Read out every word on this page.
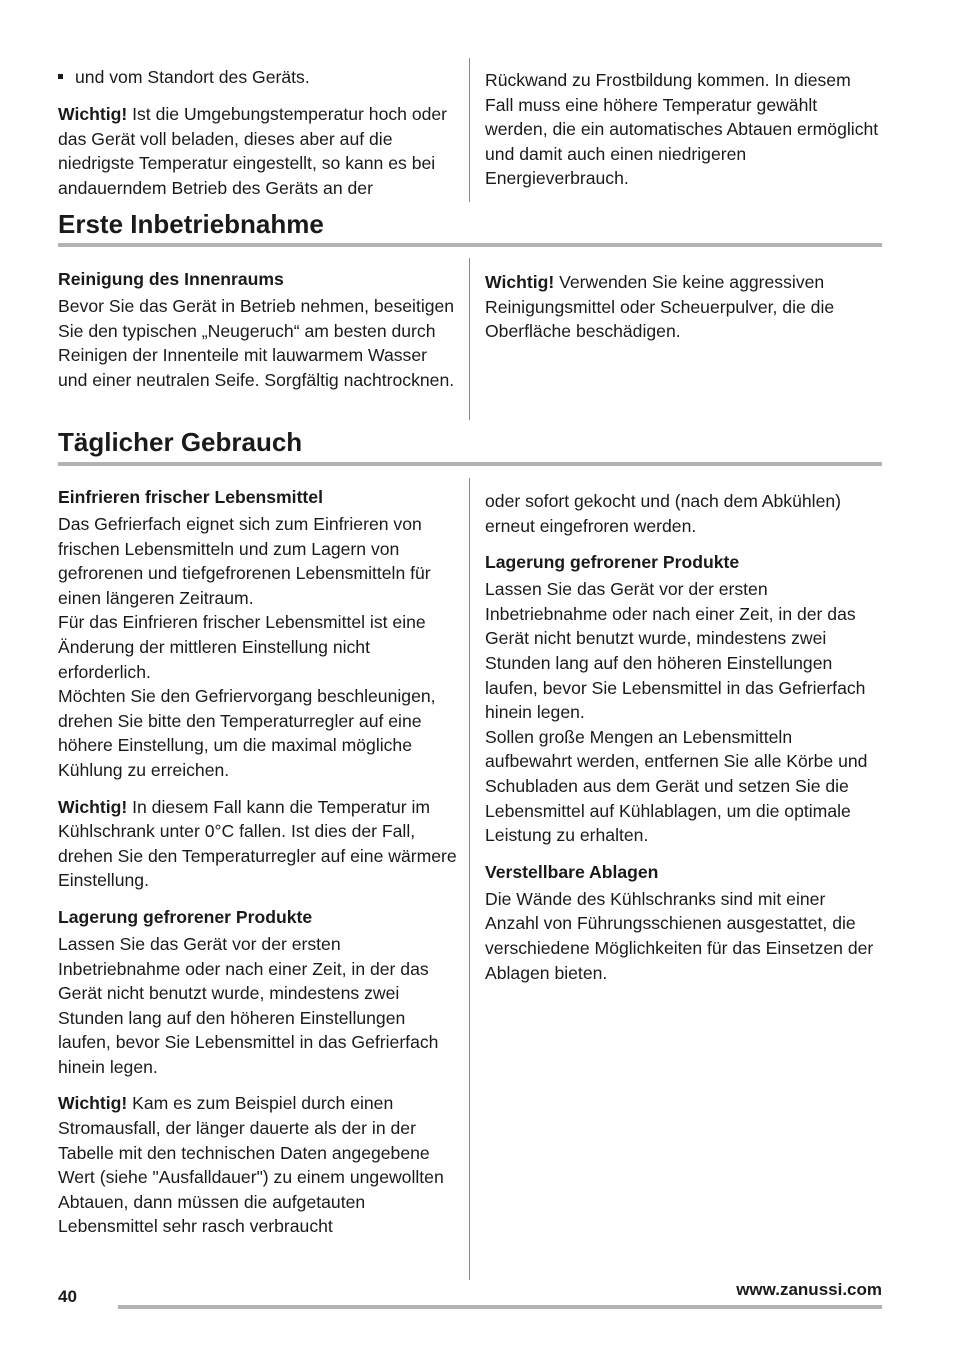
und vom Standort des Geräts.

Wichtig! Ist die Umgebungstemperatur hoch oder das Gerät voll beladen, dieses aber auf die niedrigste Temperatur eingestellt, so kann es bei andauerndem Betrieb des Geräts an der

Rückwand zu Frostbildung kommen. In diesem Fall muss eine höhere Temperatur gewählt werden, die ein automatisches Abtauen ermöglicht und damit auch einen niedrigeren Energieverbrauch.

Erste Inbetriebnahme
Reinigung des Innenraums

Bevor Sie das Gerät in Betrieb nehmen, beseitigen Sie den typischen „Neugeruch“ am besten durch Reinigen der Innenteile mit lauwarmem Wasser und einer neutralen Seife. Sorgfältig nachtrocknen.

Wichtig! Verwenden Sie keine aggressiven Reinigungsmittel oder Scheuerpulver, die die Oberfläche beschädigen.

Täglicher Gebrauch
Einfrieren frischer Lebensmittel

Das Gefrierfach eignet sich zum Einfrieren von frischen Lebensmitteln und zum Lagern von gefrorenen und tiefgefrorenen Lebensmitteln für einen längeren Zeitraum.

Für das Einfrieren frischer Lebensmittel ist eine Änderung der mittleren Einstellung nicht erforderlich.

Möchten Sie den Gefriervorgang beschleunigen, drehen Sie bitte den Temperaturregler auf eine höhere Einstellung, um die maximal mögliche Kühlung zu erreichen.

Wichtig! In diesem Fall kann die Temperatur im Kühlschrank unter 0°C fallen. Ist dies der Fall, drehen Sie den Temperaturregler auf eine wärmere Einstellung.

Lagerung gefrorener Produkte

Lassen Sie das Gerät vor der ersten Inbetriebnahme oder nach einer Zeit, in der das Gerät nicht benutzt wurde, mindestens zwei Stunden lang auf den höheren Einstellungen laufen, bevor Sie Lebensmittel in das Gefrierfach hinein legen.

Wichtig! Kam es zum Beispiel durch einen Stromausfall, der länger dauerte als der in der Tabelle mit den technischen Daten angegebene Wert (siehe "Ausfalldauer") zu einem ungewollten Abtauen, dann müssen die aufgetauten Lebensmittel sehr rasch verbraucht

oder sofort gekocht und (nach dem Abkühlen) erneut eingefroren werden.

Lagerung gefrorener Produkte

Lassen Sie das Gerät vor der ersten Inbetriebnahme oder nach einer Zeit, in der das Gerät nicht benutzt wurde, mindestens zwei Stunden lang auf den höheren Einstellungen laufen, bevor Sie Lebensmittel in das Gefrierfach hinein legen.

Sollen große Mengen an Lebensmitteln aufbewahrt werden, entfernen Sie alle Körbe und Schubladen aus dem Gerät und setzen Sie die Lebensmittel auf Kühlablagen, um die optimale Leistung zu erhalten.

Verstellbare Ablagen

Die Wände des Kühlschranks sind mit einer Anzahl von Führungsschienen ausgestattet, die verschiedene Möglichkeiten für das Einsetzen der Ablagen bieten.

40	www.zanussi.com
